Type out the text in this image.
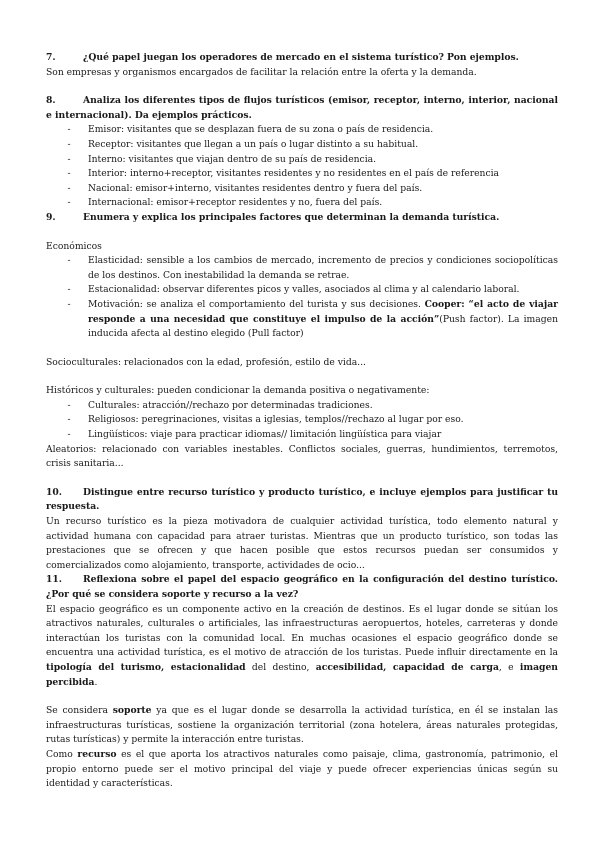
7.	¿Qué papel juegan los operadores de mercado en el sistema turístico? Pon ejemplos.

Son empresas y organismos encargados de facilitar la relación entre la oferta y la demanda.

8.	Analiza los diferentes tipos de flujos turísticos (emisor, receptor, interno, interior, nacional e internacional). Da ejemplos prácticos.
-	Emisor: visitantes que se desplazan fuera de su zona o país de residencia.
-	Receptor: visitantes que llegan a un país o lugar distinto a su habitual.
-	Interno: visitantes que viajan dentro de su país de residencia.
-	Interior: interno+receptor, visitantes residentes y no residentes en el país de referencia
-	Nacional: emisor+interno, visitantes residentes dentro y fuera del país.
-	Internacional: emisor+receptor residentes y no, fuera del país.
9.	Enumera y explica los principales factores que determinan la demanda turística.

Económicos

-	Elasticidad: sensible a los cambios de mercado, incremento de precios y condiciones sociopolíticas de los destinos. Con inestabilidad la demanda se retrae.
-	Estacionalidad: observar diferentes picos y valles, asociados al clima y al calendario laboral.
-	Motivación: se analiza el comportamiento del turista y sus decisiones. Cooper: “el acto de viajar responde a una necesidad que constituye el impulso de la acción”(Push factor). La imagen inducida afecta al destino elegido (Pull factor)

Socioculturales: relacionados con la edad, profesión, estilo de vida...

Históricos y culturales: pueden condicionar la demanda positiva o negativamente:

-	Culturales: atracción//rechazo por determinadas tradiciones.
-	Religiosos: peregrinaciones, visitas a iglesias, templos//rechazo al lugar por eso.
-	Lingüísticos: viaje para practicar idiomas// limitación lingüística para viajar

Aleatorios: relacionado con variables inestables. Conflictos sociales, guerras, hundimientos, terremotos, crisis sanitaria...

10. Distingue entre recurso turístico y producto turístico, e incluye ejemplos para justificar tu respuesta.

Un recurso turístico es la pieza motivadora de cualquier actividad turística, todo elemento natural y actividad humana con capacidad para atraer turistas. Mientras que un producto turístico, son todas las prestaciones que se ofrecen y que hacen posible que estos recursos puedan ser consumidos y comercializados como alojamiento, transporte, actividades de ocio...

11. Reflexiona sobre el papel del espacio geográfico en la configuración del destino turístico. ¿Por qué se considera soporte y recurso a la vez?

El espacio geográfico es un componente activo en la creación de destinos. Es el lugar donde se sitúan los atractivos naturales, culturales o artificiales, las infraestructuras aeropuertos, hoteles, carreteras y donde interactúan los turistas con la comunidad local. En muchas ocasiones el espacio geográfico donde se encuentra una actividad turística, es el motivo de atracción de los turistas. Puede influir directamente en la tipología del turismo, estacionalidad del destino, accesibilidad, capacidad de carga, e imagen percibida.

Se considera soporte ya que es el lugar donde se desarrolla la actividad turística, en él se instalan las infraestructuras turísticas, sostiene la organización territorial (zona hotelera, áreas naturales protegidas, rutas turísticas) y permite la interacción entre turistas.

Como recurso es el que aporta los atractivos naturales como paisaje, clima, gastronomía, patrimonio, el propio entorno puede ser el motivo principal del viaje y puede ofrecer experiencias únicas según su identidad y características.
